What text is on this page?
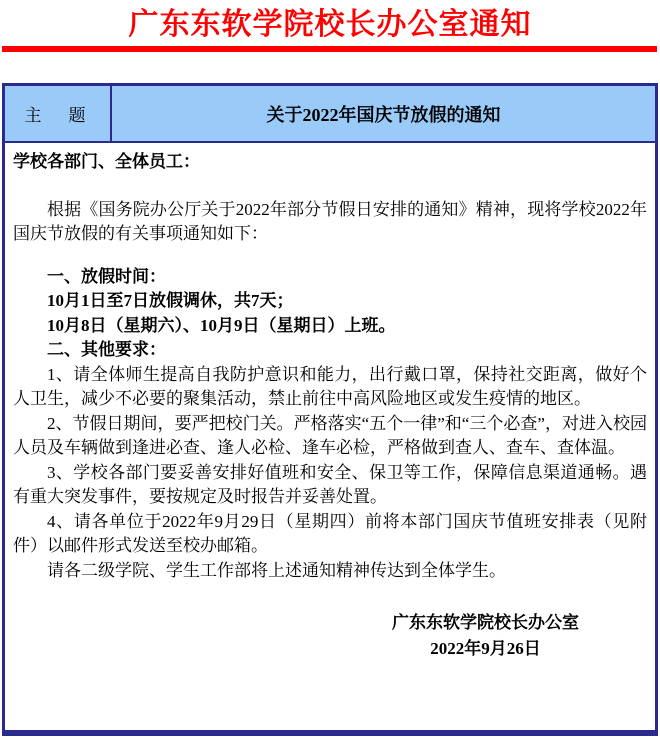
广东东软学院校长办公室通知
主　题	关于2022年国庆节放假的通知

学校各部门、全体员工：

根据《国务院办公厅关于2022年部分节假日安排的通知》精神，现将学校2022年国庆节放假的有关事项通知如下：

一、放假时间：

10月1日至7日放假调休，共7天；

10月8日（星期六）、10月9日（星期日）上班。

二、其他要求：

1、请全体师生提高自我防护意识和能力，出行戴口罩，保持社交距离，做好个人卫生，减少不必要的聚集活动，禁止前往中高风险地区或发生疫情的地区。

2、节假日期间，要严把校门关。严格落实“五个一律”和“三个必查”，对进入校园人员及车辆做到逢进必查、逢人必检、逢车必检，严格做到查人、查车、查体温。

3、学校各部门要妥善安排好值班和安全、保卫等工作，保障信息渠道通畅。遇有重大突发事件，要按规定及时报告并妥善处置。

4、请各单位于2022年9月29日（星期四）前将本部门国庆节值班安排表（见附件）以邮件形式发送至校办邮箱。

请各二级学院、学生工作部将上述通知精神传达到全体学生。

广东东软学院校长办公室
2022年9月26日
